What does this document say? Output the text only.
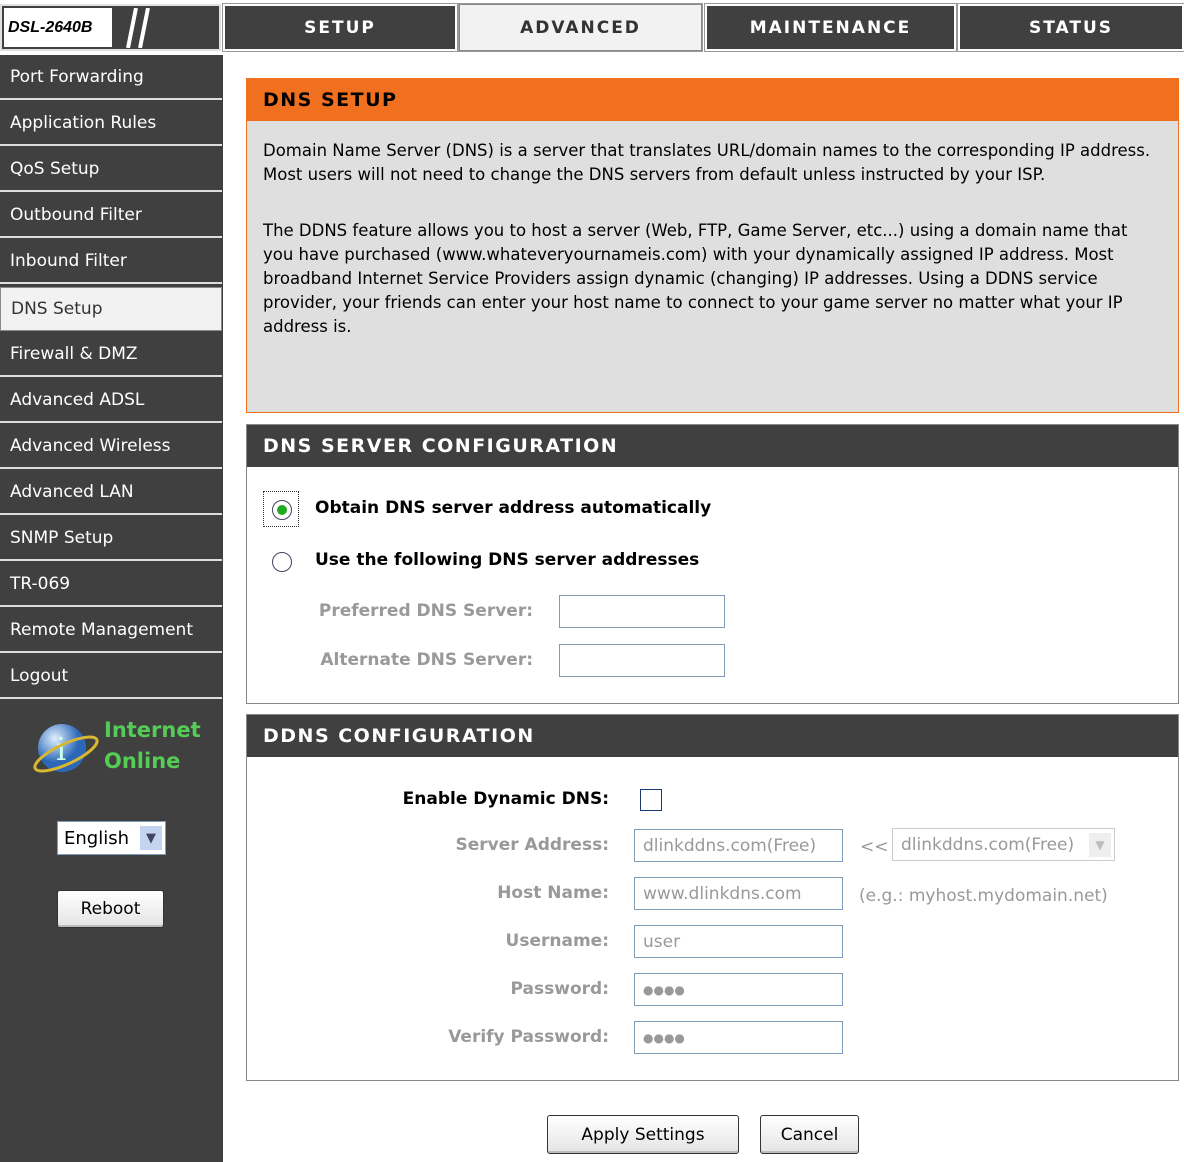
DSL-2640B	SETUP	ADVANCED	MAINTENANCE	STATUS
Port Forwarding
Application Rules
QoS Setup
Outbound Filter
Inbound Filter
DNS Setup
Firewall & DMZ
Advanced ADSL
Advanced Wireless
Advanced LAN
SNMP Setup
TR-069
Remote Management
Logout
i Internet
Online
English	▼
Reboot
DNS SETUP

Domain Name Server (DNS) is a server that translates URL/domain names to the corresponding IP address. Most users will not need to change the DNS servers from default unless instructed by your ISP.

The DDNS feature allows you to host a server (Web, FTP, Game Server, etc...) using a domain name that you have purchased (www.whateveryournameis.com) with your dynamically assigned IP address. Most broadband Internet Service Providers assign dynamic (changing) IP addresses. Using a DDNS service provider, your friends can enter your host name to connect to your game server no matter what your IP address is.

DNS SERVER CONFIGURATION
Obtain DNS server address automatically
Use the following DNS server addresses
Preferred DNS Server:
Alternate DNS Server:
DDNS CONFIGURATION
Enable Dynamic DNS:
Server Address:	dlinkddns.com(Free)	<< dlinkddns.com(Free)	▼
Host Name:	www.dlinkdns.com	(e.g.: myhost.mydomain.net)
Username:	user
Password:	●●●●
Verify Password:	●●●●
Apply Settings	Cancel
